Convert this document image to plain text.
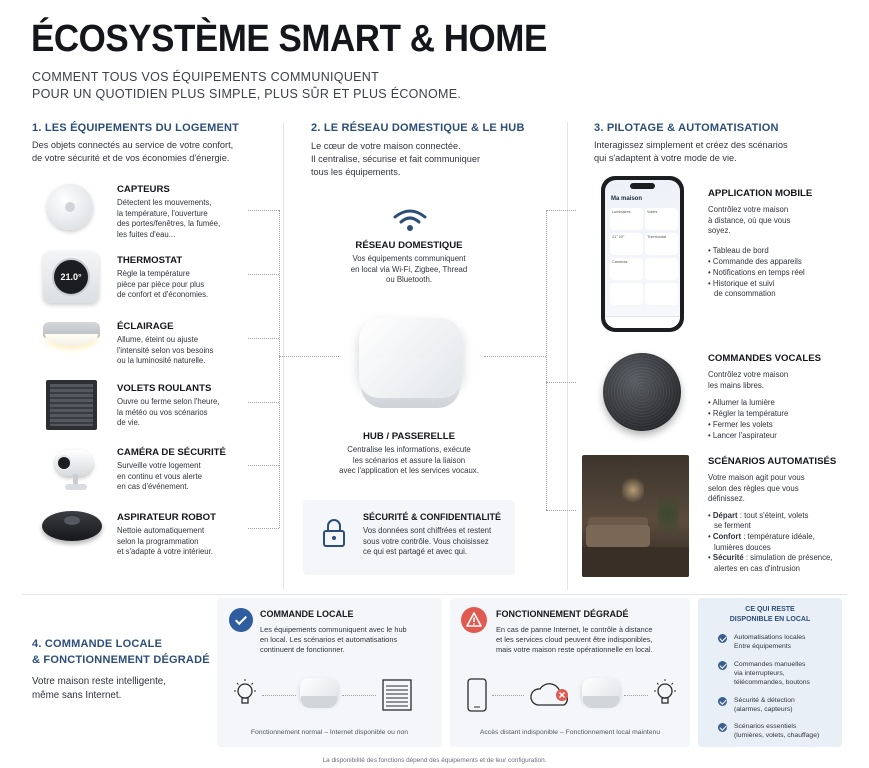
ÉCOSYSTÈME SMART & HOME
COMMENT TOUS VOS ÉQUIPEMENTS COMMUNIQUENT
POUR UN QUOTIDIEN PLUS SIMPLE, PLUS SÛR ET PLUS ÉCONOME.
1. LES ÉQUIPEMENTS DU LOGEMENT
Des objets connectés au service de votre confort,
de votre sécurité et de vos économies d'énergie.
CAPTEURS
Détectent les mouvements,
la température, l'ouverture
des portes/fenêtres, la fumée,
les fuites d'eau...
21.0°
THERMOSTAT
Règle la température
pièce par pièce pour plus
de confort et d'économies.
ÉCLAIRAGE
Allume, éteint ou ajuste
l'intensité selon vos besoins
ou la luminosité naturelle.
VOLETS ROULANTS
Ouvre ou ferme selon l'heure,
la météo ou vos scénarios
de vie.
CAMÉRA DE SÉCURITÉ
Surveille votre logement
en continu et vous alerte
en cas d'événement.
ASPIRATEUR ROBOT
Nettoie automatiquement
selon la programmation
et s'adapte à votre intérieur.
2. LE RÉSEAU DOMESTIQUE & LE HUB
Le cœur de votre maison connectée.
Il centralise, sécurise et fait communiquer
tous les équipements.
RÉSEAU DOMESTIQUE
Vos équipements communiquent
en local via Wi-Fi, Zigbee, Thread
ou Bluetooth.
HUB / PASSERELLE
Centralise les informations, exécute
les scénarios et assure la liaison
avec l'application et les services vocaux.
SÉCURITÉ & CONFIDENTIALITÉ
Vos données sont chiffrées et restent
sous votre contrôle. Vous choisissez
ce qui est partagé et avec qui.
3. PILOTAGE & AUTOMATISATION
Interagissez simplement et créez des scénarios
qui s'adaptent à votre mode de vie.
Ma maison
Luminaires	Volets
21° 20°	Thermostat
Caméras
APPLICATION MOBILE
Contrôlez votre maison
à distance, où que vous
soyez.
• Tableau de bord
• Commande des appareils
• Notifications en temps réel
• Historique et suivi
de consommation
COMMANDES VOCALES
Contrôlez votre maison
les mains libres.
• Allumer la lumière
• Régler la température
• Fermer les volets
• Lancer l'aspirateur
SCÉNARIOS AUTOMATISÉS
Votre maison agit pour vous
selon des règles que vous
définissez.
• Départ : tout s'éteint, volets
se ferment
• Confort : température idéale,
lumières douces
• Sécurité : simulation de présence,
alertes en cas d'intrusion
4. COMMANDE LOCALE
& FONCTIONNEMENT DÉGRADÉ
Votre maison reste intelligente,
même sans Internet.
COMMANDE LOCALE
Les équipements communiquent avec le hub
en local. Les scénarios et automatisations
continuent de fonctionner.
Fonctionnement normal – Internet disponible ou non
FONCTIONNEMENT DÉGRADÉ
En cas de panne Internet, le contrôle à distance
et les services cloud peuvent être indisponibles,
mais votre maison reste opérationnelle en local.
Accès distant indisponible – Fonctionnement local maintenu
CE QUI RESTE
DISPONIBLE EN LOCAL
Automatisations locales
Entre équipements
Commandes manuelles
via interrupteurs,
télécommandes, boutons
Sécurité & détection
(alarmes, capteurs)
Scénarios essentiels
(lumières, volets, chauffage)
La disponibilité des fonctions dépend des équipements et de leur configuration.
